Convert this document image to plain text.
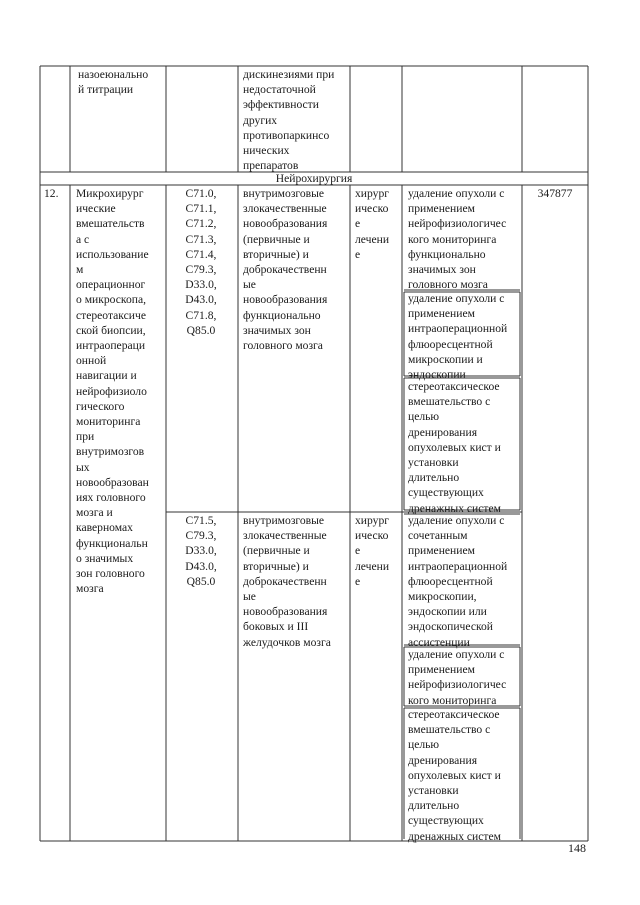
назоеюнально
й титрации
дискинезиями при
недостаточной
эффективности
других
противопаркинсо
нических
препаратов
Нейрохирургия
12. Микрохирург
ические
вмешательств
а с
использование
м
операционног
о микроскопа,
стереотаксиче
ской биопсии,
интраопераци
онной
навигации и
нейрофизиоло
гического
мониторинга
при
внутримозгов
ых
новообразован
иях головного
мозга и
каверномах
функциональн
о значимых
зон головного
мозга
C71.0,
C71.1,
C71.2,
C71.3,
C71.4,
C79.3,
D33.0,
D43.0,
C71.8,
Q85.0
внутримозговые
злокачественные
новообразования
(первичные и
вторичные) и
доброкачественн
ые
новообразования
функционально
значимых зон
головного мозга
хирург
ическо
e
лечени
e
удаление опухоли с
применением
нейрофизиологичес
кого мониторинга
функционально
значимых зон
головного мозга
удаление опухоли с
применением
интраоперационной
флюоресцентной
микроскопии и
эндоскопии
стереотаксическое
вмешательство с
целью
дренирования
опухолевых кист и
установки
длительно
существующих
дренажных систем
347877
C71.5,
C79.3,
D33.0,
D43.0,
Q85.0
внутримозговые
злокачественные
(первичные и
вторичные) и
доброкачественн
ые
новообразования
боковых и III
желудочков мозга
хирург
ическо
e
лечени
e
удаление опухоли с
сочетанным
применением
интраоперационной
флюоресцентной
микроскопии,
эндоскопии или
эндоскопической
ассистенции
удаление опухоли с
применением
нейрофизиологичес
кого мониторинга
стереотаксическое
вмешательство с
целью
дренирования
опухолевых кист и
установки
длительно
существующих
дренажных систем
148
